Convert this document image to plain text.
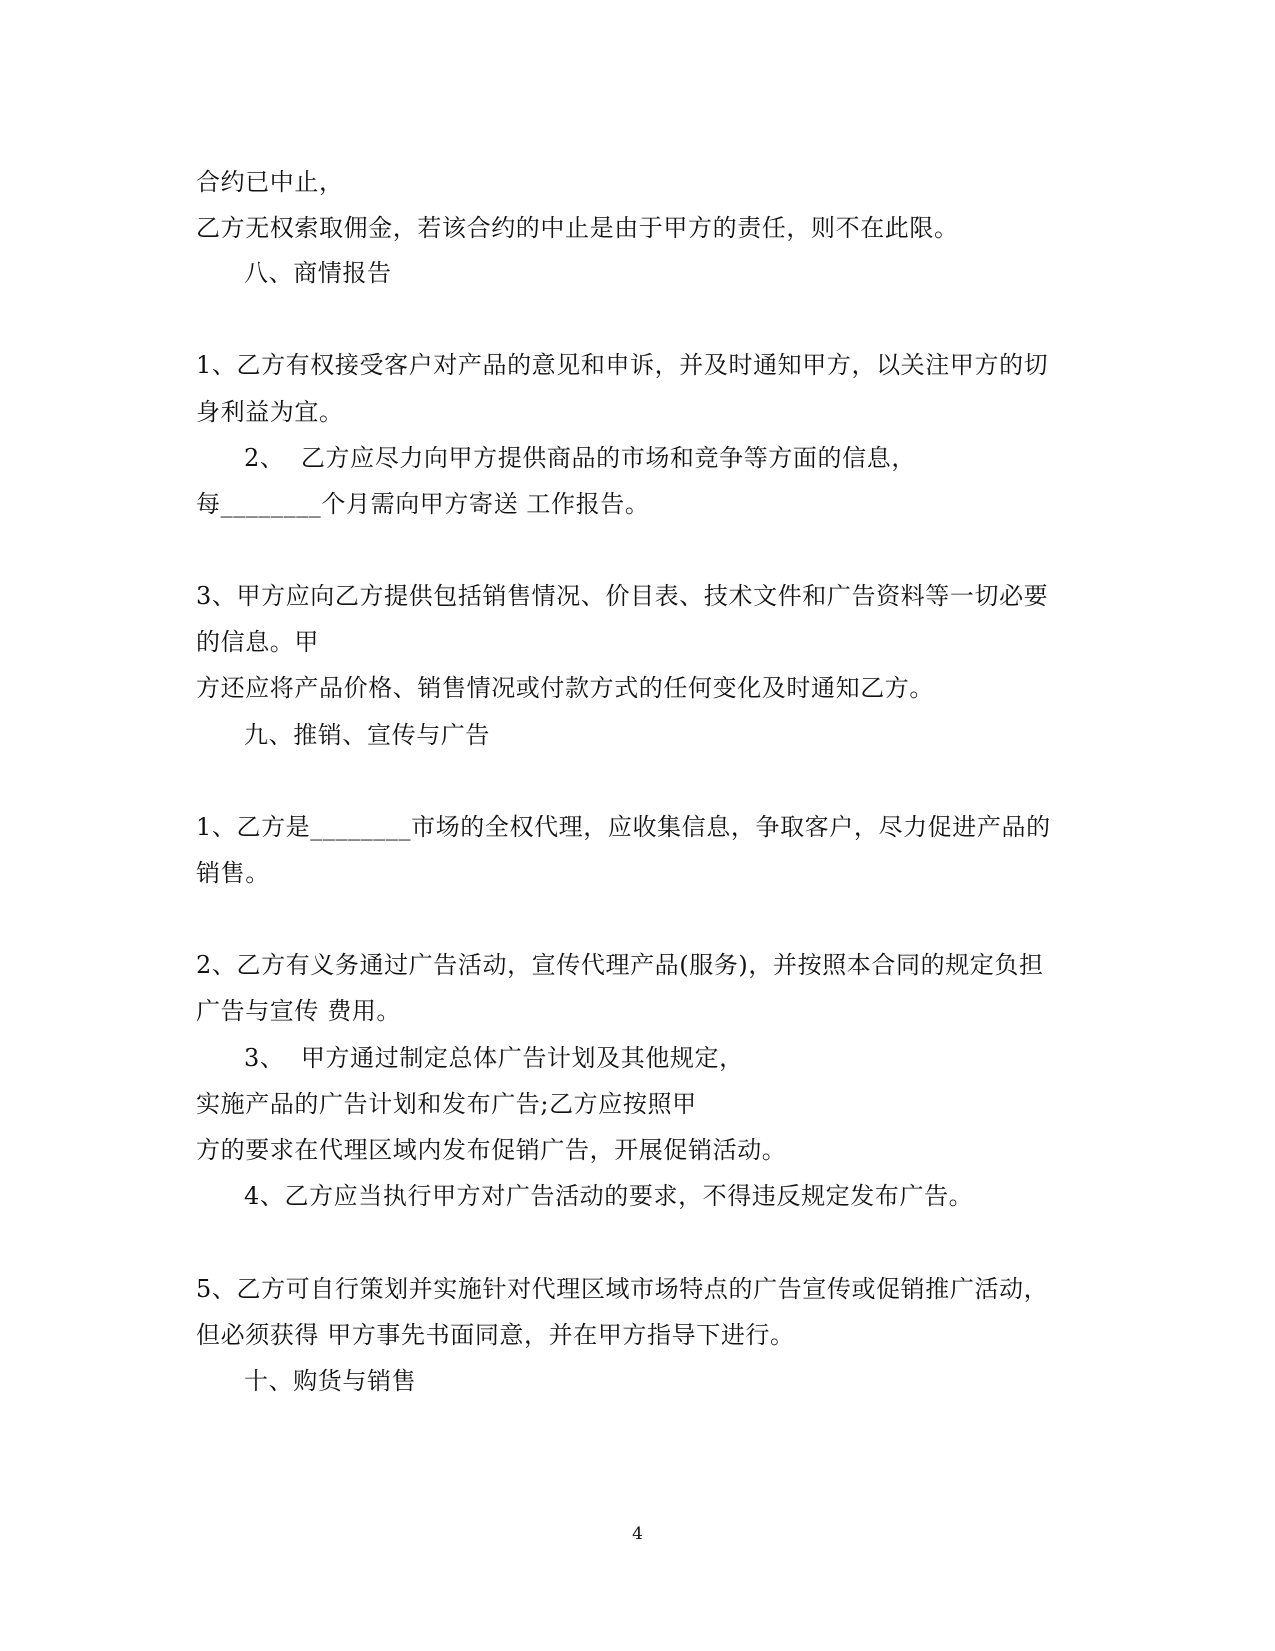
合约已中止，
乙方无权索取佣金，若该合约的中止是由于甲方的责任，则不在此限。
八、商情报告
1、乙方有权接受客户对产品的意见和申诉，并及时通知甲方，以关注甲方的切
身利益为宜。
2、  乙方应尽力向甲方提供商品的市场和竞争等方面的信息，
每________个月需向甲方寄送 工作报告。
3、甲方应向乙方提供包括销售情况、价目表、技术文件和广告资料等一切必要
的信息。甲
方还应将产品价格、销售情况或付款方式的任何变化及时通知乙方。
九、推销、宣传与广告
1、乙方是________市场的全权代理，应收集信息，争取客户，尽力促进产品的
销售。
2、乙方有义务通过广告活动，宣传代理产品(服务)，并按照本合同的规定负担
广告与宣传 费用。
3、  甲方通过制定总体广告计划及其他规定，
实施产品的广告计划和发布广告;乙方应按照甲
方的要求在代理区域内发布促销广告，开展促销活动。
4、乙方应当执行甲方对广告活动的要求，不得违反规定发布广告。
5、乙方可自行策划并实施针对代理区域市场特点的广告宣传或促销推广活动，
但必须获得 甲方事先书面同意，并在甲方指导下进行。
十、购货与销售
4
